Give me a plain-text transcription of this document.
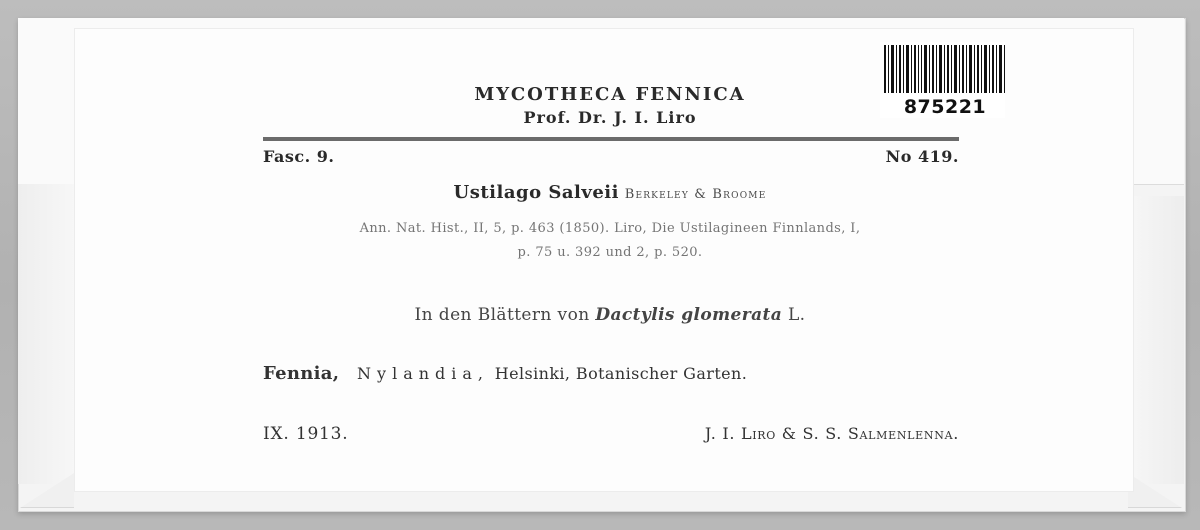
875221
MYCOTHECA FENNICA
Prof. Dr. J. I. Liro
Fasc. 9.	No 419.
Ustilago Salveii Berkeley & Broome
Ann. Nat. Hist., II, 5, p. 463 (1850). Liro, Die Ustilagineen Finnlands, I,
p. 75 u. 392 und 2, p. 520.
In den Blättern von Dactylis glomerata L.
Fennia, Nylandia, Helsinki, Botanischer Garten.
IX. 1913.	J. I. Liro & S. S. Salmenlenna.
